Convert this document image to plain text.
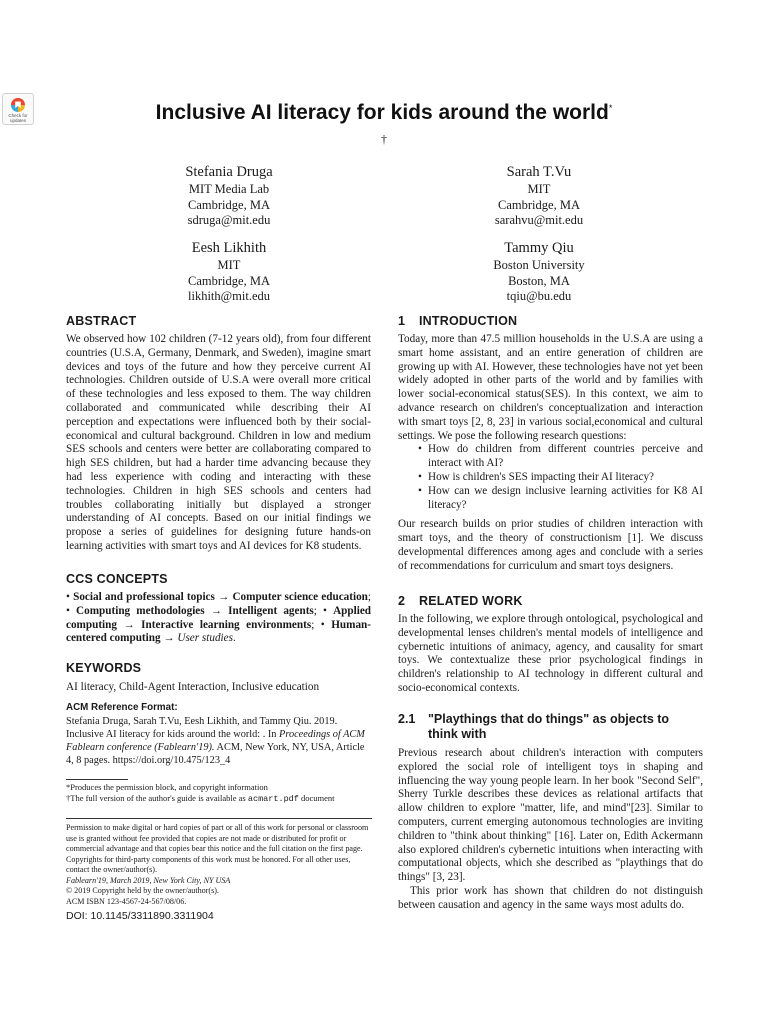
Check for
updates	Inclusive AI literacy for kids around the world*
†
Stefania Druga
MIT Media Lab
Cambridge, MA
sdruga@mit.edu
Sarah T.Vu
MIT
Cambridge, MA
sarahvu@mit.edu
Eesh Likhith
MIT
Cambridge, MA
likhith@mit.edu
Tammy Qiu
Boston University
Boston, MA
tqiu@bu.edu
ABSTRACT

We observed how 102 children (7-12 years old), from four different countries (U.S.A, Germany, Denmark, and Sweden), imagine smart devices and toys of the future and how they perceive current AI technologies. Children outside of U.S.A were overall more critical of these technologies and less exposed to them. The way children collaborated and communicated while describing their AI perception and expectations were influenced both by their social-economical and cultural background. Children in low and medium SES schools and centers were better are collaborating compared to high SES children, but had a harder time advancing because they had less experience with coding and interacting with these technologies. Children in high SES schools and centers had troubles collaborating initially but displayed a stronger understanding of AI concepts. Based on our initial findings we propose a series of guidelines for designing future hands-on learning activities with smart toys and AI devices for K8 students.

CCS CONCEPTS

• Social and professional topics → Computer science education; • Computing methodologies → Intelligent agents; • Applied computing → Interactive learning environments; • Human-centered computing → User studies.

KEYWORDS

AI literacy, Child-Agent Interaction, Inclusive education

ACM Reference Format:
Stefania Druga, Sarah T.Vu, Eesh Likhith, and Tammy Qiu. 2019. Inclusive AI literacy for kids around the world: . In Proceedings of ACM Fablearn conference (Fablearn'19). ACM, New York, NY, USA, Article 4, 8 pages. https://doi.org/10.475/123_4
*Produces the permission block, and copyright information
†The full version of the author's guide is available as acmart.pdf document
Permission to make digital or hard copies of part or all of this work for personal or classroom use is granted without fee provided that copies are not made or distributed for profit or commercial advantage and that copies bear this notice and the full citation on the first page. Copyrights for third-party components of this work must be honored. For all other uses, contact the owner/author(s).
Fablearn'19, March 2019, New York City, NY USA
© 2019 Copyright held by the owner/author(s).
ACM ISBN 123-4567-24-567/08/06.
DOI: 10.1145/3311890.3311904
1 INTRODUCTION

Today, more than 47.5 million households in the U.S.A are using a smart home assistant, and an entire generation of children are growing up with AI. However, these technologies have not yet been widely adopted in other parts of the world and by families with lower social-economical status(SES). In this context, we aim to advance research on children's conceptualization and interaction with smart toys [2, 8, 23] in various social,economical and cultural settings. We pose the following research questions:

• How do children from different countries perceive and interact with AI?
• How is children's SES impacting their AI literacy?
• How can we design inclusive learning activities for K8 AI literacy?

Our research builds on prior studies of children interaction with smart toys, and the theory of constructionism [1]. We discuss developmental differences among ages and conclude with a series of recommendations for curriculum and smart toys designers.

2 RELATED WORK

In the following, we explore through ontological, psychological and developmental lenses children's mental models of intelligence and cybernetic intuitions of animacy, agency, and causality for smart toys. We contextualize these prior psychological findings in children's relationship to AI technology in different cultural and socio-economical contexts.

2.1 "Playthings that do things" as objects to
think with

Previous research about children's interaction with computers explored the social role of intelligent toys in shaping and influencing the way young people learn. In her book "Second Self", Sherry Turkle describes these devices as relational artifacts that allow children to explore "matter, life, and mind"[23]. Similar to computers, current emerging autonomous technologies are inviting children to "think about thinking" [16]. Later on, Edith Ackermann also explored children's cybernetic intuitions when interacting with computational objects, which she described as "playthings that do things" [3, 23].

This prior work has shown that children do not distinguish between causation and agency in the same ways most adults do.
